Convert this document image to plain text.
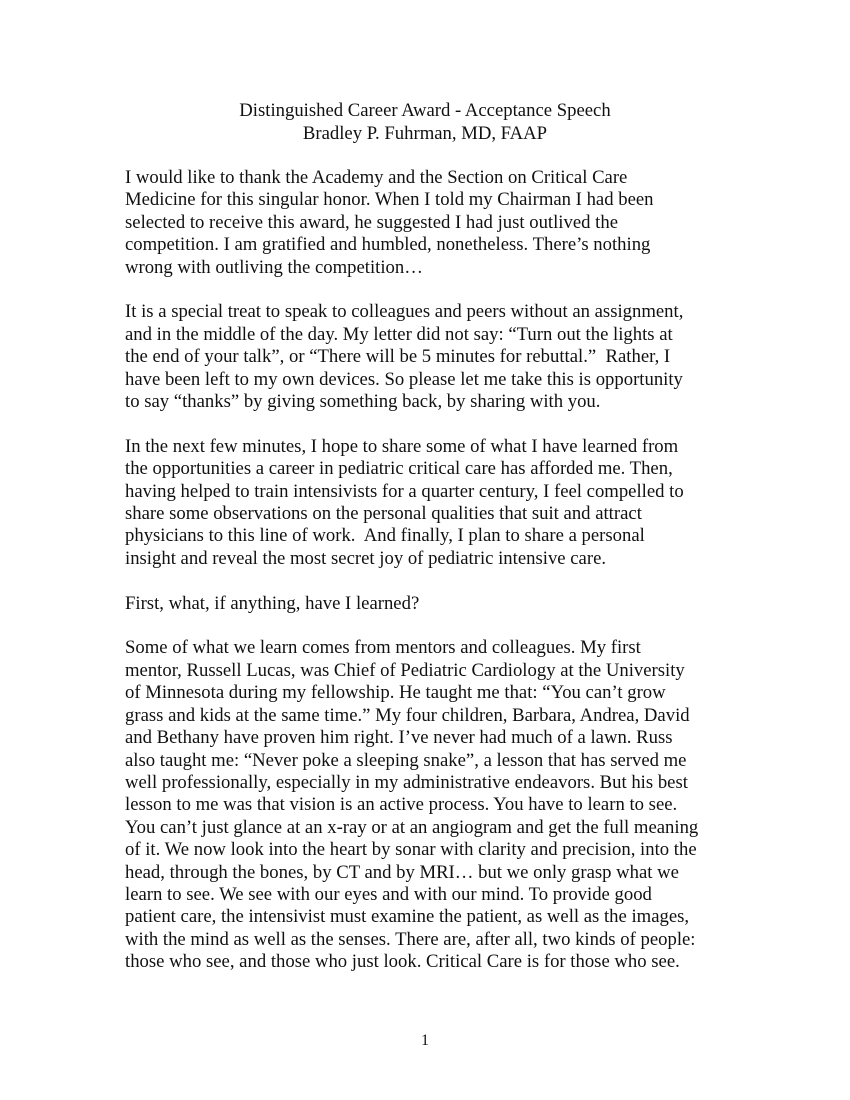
Distinguished Career Award - Acceptance Speech
Bradley P. Fuhrman, MD, FAAP
I would like to thank the Academy and the Section on Critical Care
Medicine for this singular honor. When I told my Chairman I had been
selected to receive this award, he suggested I had just outlived the
competition. I am gratified and humbled, nonetheless. There’s nothing
wrong with outliving the competition…
It is a special treat to speak to colleagues and peers without an assignment,
and in the middle of the day. My letter did not say: “Turn out the lights at
the end of your talk”, or “There will be 5 minutes for rebuttal.”  Rather, I
have been left to my own devices. So please let me take this is opportunity
to say “thanks” by giving something back, by sharing with you.
In the next few minutes, I hope to share some of what I have learned from
the opportunities a career in pediatric critical care has afforded me. Then,
having helped to train intensivists for a quarter century, I feel compelled to
share some observations on the personal qualities that suit and attract
physicians to this line of work.  And finally, I plan to share a personal
insight and reveal the most secret joy of pediatric intensive care.
First, what, if anything, have I learned?
Some of what we learn comes from mentors and colleagues. My first
mentor, Russell Lucas, was Chief of Pediatric Cardiology at the University
of Minnesota during my fellowship. He taught me that: “You can’t grow
grass and kids at the same time.” My four children, Barbara, Andrea, David
and Bethany have proven him right. I’ve never had much of a lawn. Russ
also taught me: “Never poke a sleeping snake”, a lesson that has served me
well professionally, especially in my administrative endeavors. But his best
lesson to me was that vision is an active process. You have to learn to see.
You can’t just glance at an x-ray or at an angiogram and get the full meaning
of it. We now look into the heart by sonar with clarity and precision, into the
head, through the bones, by CT and by MRI… but we only grasp what we
learn to see. We see with our eyes and with our mind. To provide good
patient care, the intensivist must examine the patient, as well as the images,
with the mind as well as the senses. There are, after all, two kinds of people:
those who see, and those who just look. Critical Care is for those who see.
1
